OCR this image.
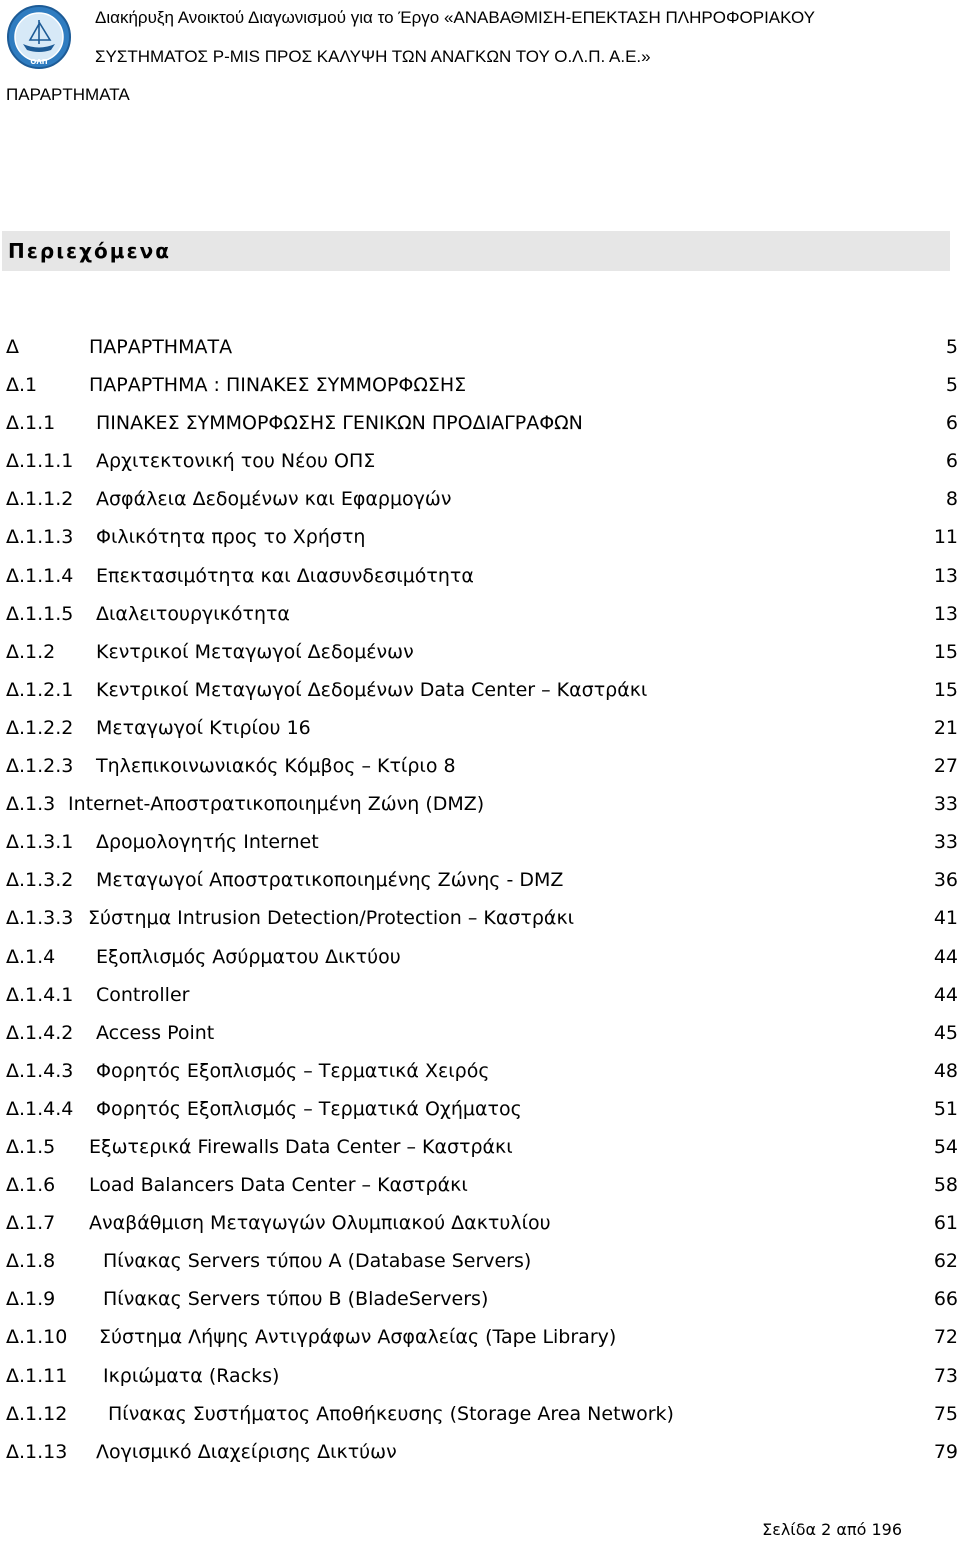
ΟΛΠ
Διακήρυξη Ανοικτού Διαγωνισμού για το Έργο «ΑΝΑΒΑΘΜΙΣΗ-ΕΠΕΚΤΑΣΗ ΠΛΗΡΟΦΟΡΙΑΚΟΥ
ΣΥΣΤΗΜΑΤΟΣ P-MIS ΠΡΟΣ ΚΑΛΥΨΗ ΤΩΝ ΑΝΑΓΚΩΝ ΤΟΥ Ο.Λ.Π. Α.Ε.»
ΠΑΡΑΡΤΗΜΑΤΑ
Περιεχόμενα
Δ	ΠΑΡΑΡΤΗΜΑΤΑ	5
Δ.1	ΠΑΡΑΡΤΗΜΑ : ΠΙΝΑΚΕΣ ΣΥΜΜΟΡΦΩΣΗΣ	5
Δ.1.1 ΠΙΝΑΚΕΣ ΣΥΜΜΟΡΦΩΣΗΣ ΓΕΝΙΚΩΝ ΠΡΟΔΙΑΓΡΑΦΩΝ	6
Δ.1.1.1 Αρχιτεκτονική του Νέου ΟΠΣ	6
Δ.1.1.2 Ασφάλεια Δεδομένων και Εφαρμογών	8
Δ.1.1.3 Φιλικότητα προς το Χρήστη	11
Δ.1.1.4 Επεκτασιμότητα και Διασυνδεσιμότητα	13
Δ.1.1.5 Διαλειτουργικότητα	13
Δ.1.2 Κεντρικοί Μεταγωγοί Δεδομένων	15
Δ.1.2.1 Κεντρικοί Μεταγωγοί Δεδομένων Data Center – Καστράκι	15
Δ.1.2.2 Μεταγωγοί Κτιρίου 16	21
Δ.1.2.3 Τηλεπικοινωνιακός Κόμβος – Κτίριο 8	27
Δ.1.3 Internet-Αποστρατικοποιημένη Ζώνη (DMZ)	33
Δ.1.3.1 Δρομολογητής Internet	33
Δ.1.3.2 Μεταγωγοί Αποστρατικοποιημένης Ζώνης - DMZ	36
Δ.1.3.3 Σύστημα Intrusion Detection/Protection – Καστράκι	41
Δ.1.4 Εξοπλισμός Ασύρματου Δικτύου	44
Δ.1.4.1 Controller	44
Δ.1.4.2 Access Point	45
Δ.1.4.3 Φορητός Εξοπλισμός – Τερματικά Χειρός	48
Δ.1.4.4 Φορητός Εξοπλισμός – Τερματικά Οχήματος	51
Δ.1.5 Εξωτερικά Firewalls Data Center – Καστράκι	54
Δ.1.6 Load Balancers Data Center – Καστράκι	58
Δ.1.7 Αναβάθμιση Μεταγωγών Ολυμπιακού Δακτυλίου	61
Δ.1.8	Πίνακας Servers τύπου A (Database Servers)	62
Δ.1.9	Πίνακας Servers τύπου B (BladeServers)	66
Δ.1.10 Σύστημα Λήψης Αντιγράφων Ασφαλείας (Tape Library)	72
Δ.1.11 Ικριώματα (Racks)	73
Δ.1.12 Πίνακας Συστήματος Αποθήκευσης (Storage Area Network)	75
Δ.1.13 Λογισμικό Διαχείρισης Δικτύων	79
Σελίδα 2 από 196
